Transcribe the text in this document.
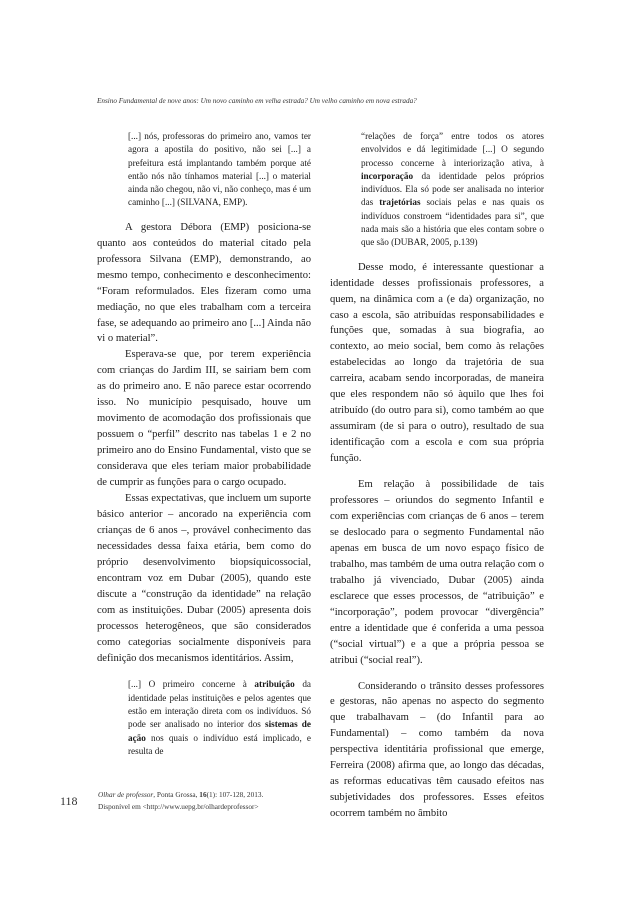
Ensino Fundamental de nove anos: Um novo caminho em velha estrada? Um velho caminho em nova estrada?
[...] nós, professoras do primeiro ano, vamos ter agora a apostila do positivo, não sei [...] a prefeitura está implantando também porque até então nós não tínhamos material [...] o material ainda não chegou, não vi, não conheço, mas é um caminho [...] (SILVANA, EMP).

A gestora Débora (EMP) posiciona-se quanto aos conteúdos do material citado pela professora Silvana (EMP), demonstrando, ao mesmo tempo, conhecimento e desconhecimento: “Foram reformulados. Eles fizeram como uma mediação, no que eles trabalham com a terceira fase, se adequando ao primeiro ano [...] Ainda não vi o material”.

Esperava-se que, por terem experiência com crianças do Jardim III, se sairiam bem com as do primeiro ano. E não parece estar ocorrendo isso. No município pesquisado, houve um movimento de acomodação dos profissionais que possuem o “perfil” descrito nas tabelas 1 e 2 no primeiro ano do Ensino Fundamental, visto que se considerava que eles teriam maior probabilidade de cumprir as funções para o cargo ocupado.

Essas expectativas, que incluem um suporte básico anterior – ancorado na experiência com crianças de 6 anos –, provável conhecimento das necessidades dessa faixa etária, bem como do próprio desenvolvimento biopsíquicossocial, encontram voz em Dubar (2005), quando este discute a “construção da identidade” na relação com as instituições. Dubar (2005) apresenta dois processos heterogêneos, que são considerados como categorias socialmente disponíveis para definição dos mecanismos identitários. Assim,

[...] O primeiro concerne à atribuição da identidade pelas instituições e pelos agentes que estão em interação direta com os indivíduos. Só pode ser analisado no interior dos sistemas de ação nos quais o indivíduo está implicado, e resulta de
“relações de força” entre todos os atores envolvidos e dá legitimidade [...] O segundo processo concerne à interiorização ativa, à incorporação da identidade pelos próprios indivíduos. Ela só pode ser analisada no interior das trajetórias sociais pelas e nas quais os indivíduos constroem “identidades para si”, que nada mais são a história que eles contam sobre o que são (DUBAR, 2005, p.139)

Desse modo, é interessante questionar a identidade desses profissionais professores, a quem, na dinâmica com a (e da) organização, no caso a escola, são atribuídas responsabilidades e funções que, somadas à sua biografia, ao contexto, ao meio social, bem como às relações estabelecidas ao longo da trajetória de sua carreira, acabam sendo incorporadas, de maneira que eles respondem não só àquilo que lhes foi atribuído (do outro para si), como também ao que assumiram (de si para o outro), resultado de sua identificação com a escola e com sua própria função.

Em relação à possibilidade de tais professores – oriundos do segmento Infantil e com experiências com crianças de 6 anos – terem se deslocado para o segmento Fundamental não apenas em busca de um novo espaço físico de trabalho, mas também de uma outra relação com o trabalho já vivenciado, Dubar (2005) ainda esclarece que esses processos, de “atribuição” e “incorporação”, podem provocar “divergência” entre a identidade que é conferida a uma pessoa (“social virtual”) e a que a própria pessoa se atribui (“social real”).

Considerando o trânsito desses professores e gestoras, não apenas no aspecto do segmento que trabalhavam – (do Infantil para ao Fundamental) – como também da nova perspectiva identitária profissional que emerge, Ferreira (2008) afirma que, ao longo das décadas, as reformas educativas têm causado efeitos nas subjetividades dos professores. Esses efeitos ocorrem também no âmbito

Olhar de professor, Ponta Grossa, 16(1): 107-128, 2013.
Disponível em <http://www.uepg.br/olhardeprofessor>
118
